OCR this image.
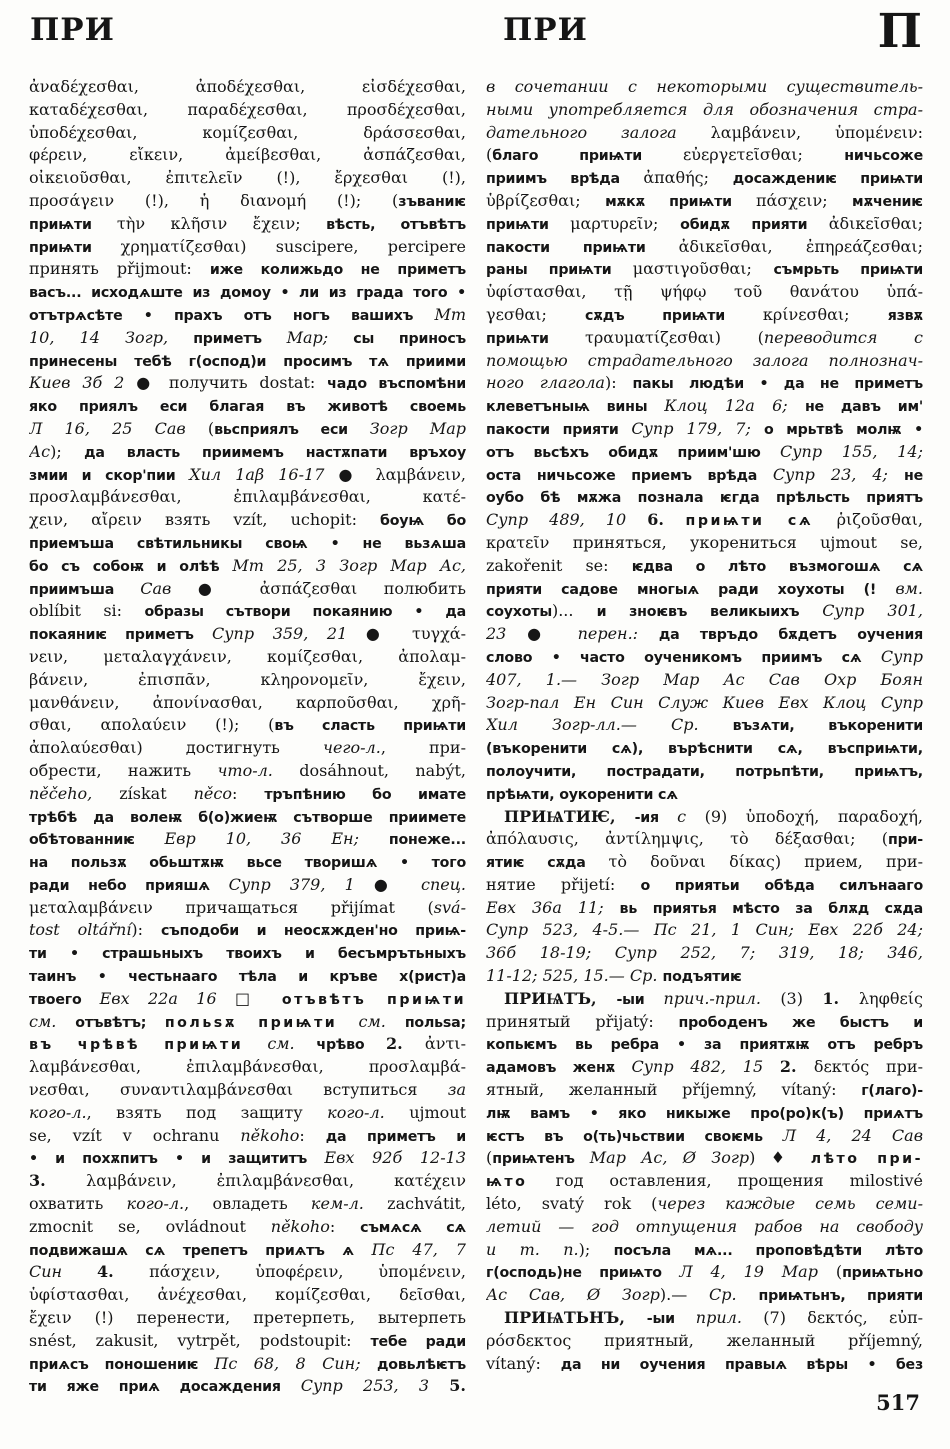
ПРИ	ПРИ	П
ἀναδέχεσθαι, ἀποδέχεσθαι, εἰσδέχεσθαι,
καταδέχεσθαι, παραδέχεσθαι, προσδέχεσθαι,
ὑποδέχεσθαι, κομίζεσθαι, δράσσεσθαι,
φέρειν, εἴκειν, ἀμείβεσθαι, ἀσπάζεσθαι,
οἰκειοῦσθαι, ἐπιτελεῖν (!), ἔρχεσθαι (!),
προσάγειν (!), ἡ διανομή (!); (зъваниѥ
приѩти τὴν κλῆσιν ἔχειν; вѣсть, отъвѣтъ
приѩти χρηματίζεσθαι) suscipere, percipere
принять přijmout: иже колижьдо не приметъ
васъ... исходѧште из домоу • ли из града того •
отътрѧсѣте • прахъ отъ ногъ вашихъ Мт
10, 14 Зогр, приметъ Мар; сы приносъ
принесены тебѣ г(оспод)и просимъ тѧ приими
Киев 3б 2 ● получить dostat: чадо въспомѣни
яко приялъ еси благая въ животѣ своемь
Л 16, 25 Сав (вьсприялъ еси Зогр Мар
Ас); да власть приимемъ настѫпати връхоу
змии и скор'пии Хил 1аβ 16-17 ● λαμβάνειν,
προσλαμβάνεσθαι, ἐπιλαμβάνεσθαι, κατέ-
χειν, αἴρειν взять vzít, uchopit: боуѩ бо
приемъша свѣтильникы своѩ • не вьзѧша
бо съ собоѭ и олѣѣ Мт 25, 3 Зогр Мар Ас,
приимъша Сав ● ἀσπάζεσθαι полюбить
oblíbit si: образы сътвори покаянию • да
покаяниѥ приметъ Супр 359, 21 ● τυγχά-
νειν, μεταλαγχάνειν, κομίζεσθαι, ἀπολαμ-
βάνειν, ἐπισπᾶν, κληρονομεῖν, ἔχειν,
μανθάνειν, ἀπονίνασθαι, καρποῦσθαι, χρῆ-
σθαι, απολαύειν (!); (въ сласть приѩти
ἀπολαύεσθαι) достигнуть чего-л., при-
обрести, нажить что-л. dosáhnout, nabýt,
něčeho, získat něco: тръпѣнию бо имате
трѣбѣ да волеѭ б(о)жиеѭ сътворше приимете
обѣтованниѥ Евр 10, 36 Ен; понеже...
на пользѫ обьштѫѭ вьсе творишѧ • того
ради небо прияшѧ Супр 379, 1 ● спец.
μεταλαμβάνειν причащаться přijímat (svá-
tost oltářní): съподоби и неосѫжден'но приѩ-
ти • страшьныхъ твоихъ и бесъмрътьныхъ
таинъ • честьнааго тѣла и кръве х(рист)а
твоего Евх 22а 16 □ отъвѣтъ приѩти
см. отъвѣтъ; польѕѫ приѩти см. польѕа;
въ чрѣвѣ приѩти см. чрѣво 2. ἀντι-
λαμβάνεσθαι, ἐπιλαμβάνεσθαι, προσλαμβά-
νεσθαι, συναντιλαμβάνεσθαι вступиться за
кого-л., взять под защиту кого-л. ujmout
se, vzít v ochranu někoho: да приметъ и
• и похѫпитъ • и защититъ Евх 92б 12-13
3. λαμβάνειν, ἐπιλαμβάνεσθαι, κατέχειν
охватить кого-л., овладеть кем-л. zachvátit,
zmocnit se, ovládnout někoho: съмѧсѧ сѧ
подвижашѧ сѧ трепетъ приѧтъ ѧ Пс 47, 7
Син 4. πάσχειν, ὑποφέρειν, ὑπομένειν,
ὑφίστασθαι, ἀνέχεσθαι, κομίζεσθαι, δεῖσθαι,
ἔχειν (!) перенести, претерпеть, вытерпеть
snést, zakusit, vytrpět, podstoupit: тебе ради
приѧсъ поношениѥ Пс 68, 8 Син; довьлѣѥтъ
ти яже приѧ досаждения Супр 253, 3 5.
в сочетании с некоторыми существитель-
ными употребляется для обозначения стра-
дательного залога λαμβάνειν, ὑπομένειν:
(благо приѩти εὐεργετεῖσθαι; ничьсоже
приимъ врѣда ἀπαθής; досаждениѥ приѩти
ὑβρίζεσθαι; мѫкѫ приѩти πάσχειν; мѫчениѥ
приѩти μαρτυρεῖν; обидѫ прияти ἀδικεῖσθαι;
пакости приѩти ἀδικεῖσθαι, ἐπηρεάζεσθαι;
раны приѩти μαστιγοῦσθαι; съмрьть приѩти
ὑφίστασθαι, τῇ ψήφῳ τοῦ θανάτου ὑπά-
γεσθαι; сѫдъ приѩти κρίνεσθαι; язвѫ
приѩти τραυματίζεσθαι) (переводится с
помощью страдательного залога полнознач-
ного глагола): пакы людѣи • да не приметъ
клеветъныѩ вины Клоц 12а 6; не давъ им'
пакости прияти Супр 179, 7; о мрьтвѣ молѭ •
отъ вьсѣхъ обидѫ приим'шю Супр 155, 14;
оста ничьсоже приемъ врѣда Супр 23, 4; не
оубо бѣ мѫжа познала ѥгда прѣльсть приятъ
Супр 489, 10 6. приѩти сѧ ῥιζοῦσθαι,
κρατεῖν приняться, укорениться ujmout se,
zakořenit se: ѥдва о лѣто възмогошѧ сѧ
прияти садове многыѧ ради хоухоты (! вм.
соухоты)... и зноѥвъ великыихъ Супр 301,
23 ● перен.: да твръдо бѫдетъ оучения
слово • часто оученикомъ приимъ сѧ Супр
407, 1.— Зогр Мар Ас Сав Охр Боян
Зогр-пал Ен Син Служ Киев Евх Клоц Супр
Хил Зогр-лл.— Ср. възѧти, въкоренити
(въкоренити сѧ), върѣснити сѧ, въсприѩти,
полоучити, пострадати, потрьпѣти, приѩтъ,
прѣѩти, оукоренити сѧ
ПРИѨТИѤ, -ия с (9) ὑποδοχή, παραδοχή,
ἀπόλαυσις, ἀντίλημψις, τὸ δέξασθαι; (при-
ятиѥ сѫда τὸ δοῦναι δίκας) прием, при-
нятие přijetí: о приятьи обѣда силънааго
Евх 36а 11; вь приятья мѣсто за блѫд сѫда
Супр 523, 4-5.— Пс 21, 1 Син; Евх 22б 24;
36б 18-19; Супр 252, 7; 319, 18; 346,
11-12; 525, 15.— Ср. подъятиѥ
ПРИѨТЪ, -ыи прич.-прил. (3) 1. ληφθείς
принятый přijatý: прободенъ же быстъ и
копьѥмъ вь ребра • за приятѫѭ отъ ребръ
адамовъ женѫ Супр 482, 15 2. δεκτός при-
ятный, желанный příjemný, vítaný: г(лаго)-
лѭ вамъ • яко никыже про(ро)к(ъ) приѧтъ
ѥстъ въ о(ть)чьствии своѥмь Л 4, 24 Сав
(приѩтенъ Мар Ас, Ø Зогр) ♦ лѣто при-
ѩто год оставления, прощения milostivé
léto, svatý rok (через каждые семь семи-
летий — год отпущения рабов на свободу
и т. п.); посъла мѧ... проповѣдѣти лѣто
г(осподь)не приѩто Л 4, 19 Мар (приѩтьно
Ас Сав, Ø Зогр).— Ср. приѩтьнъ, прияти
ПРИѨТЬНЪ, -ыи прил. (7) δεκτός, εὐπ-
ρόσδεκτος приятный, желанный příjemný,
vítaný: да ни оучения правыѧ вѣры • без
517
